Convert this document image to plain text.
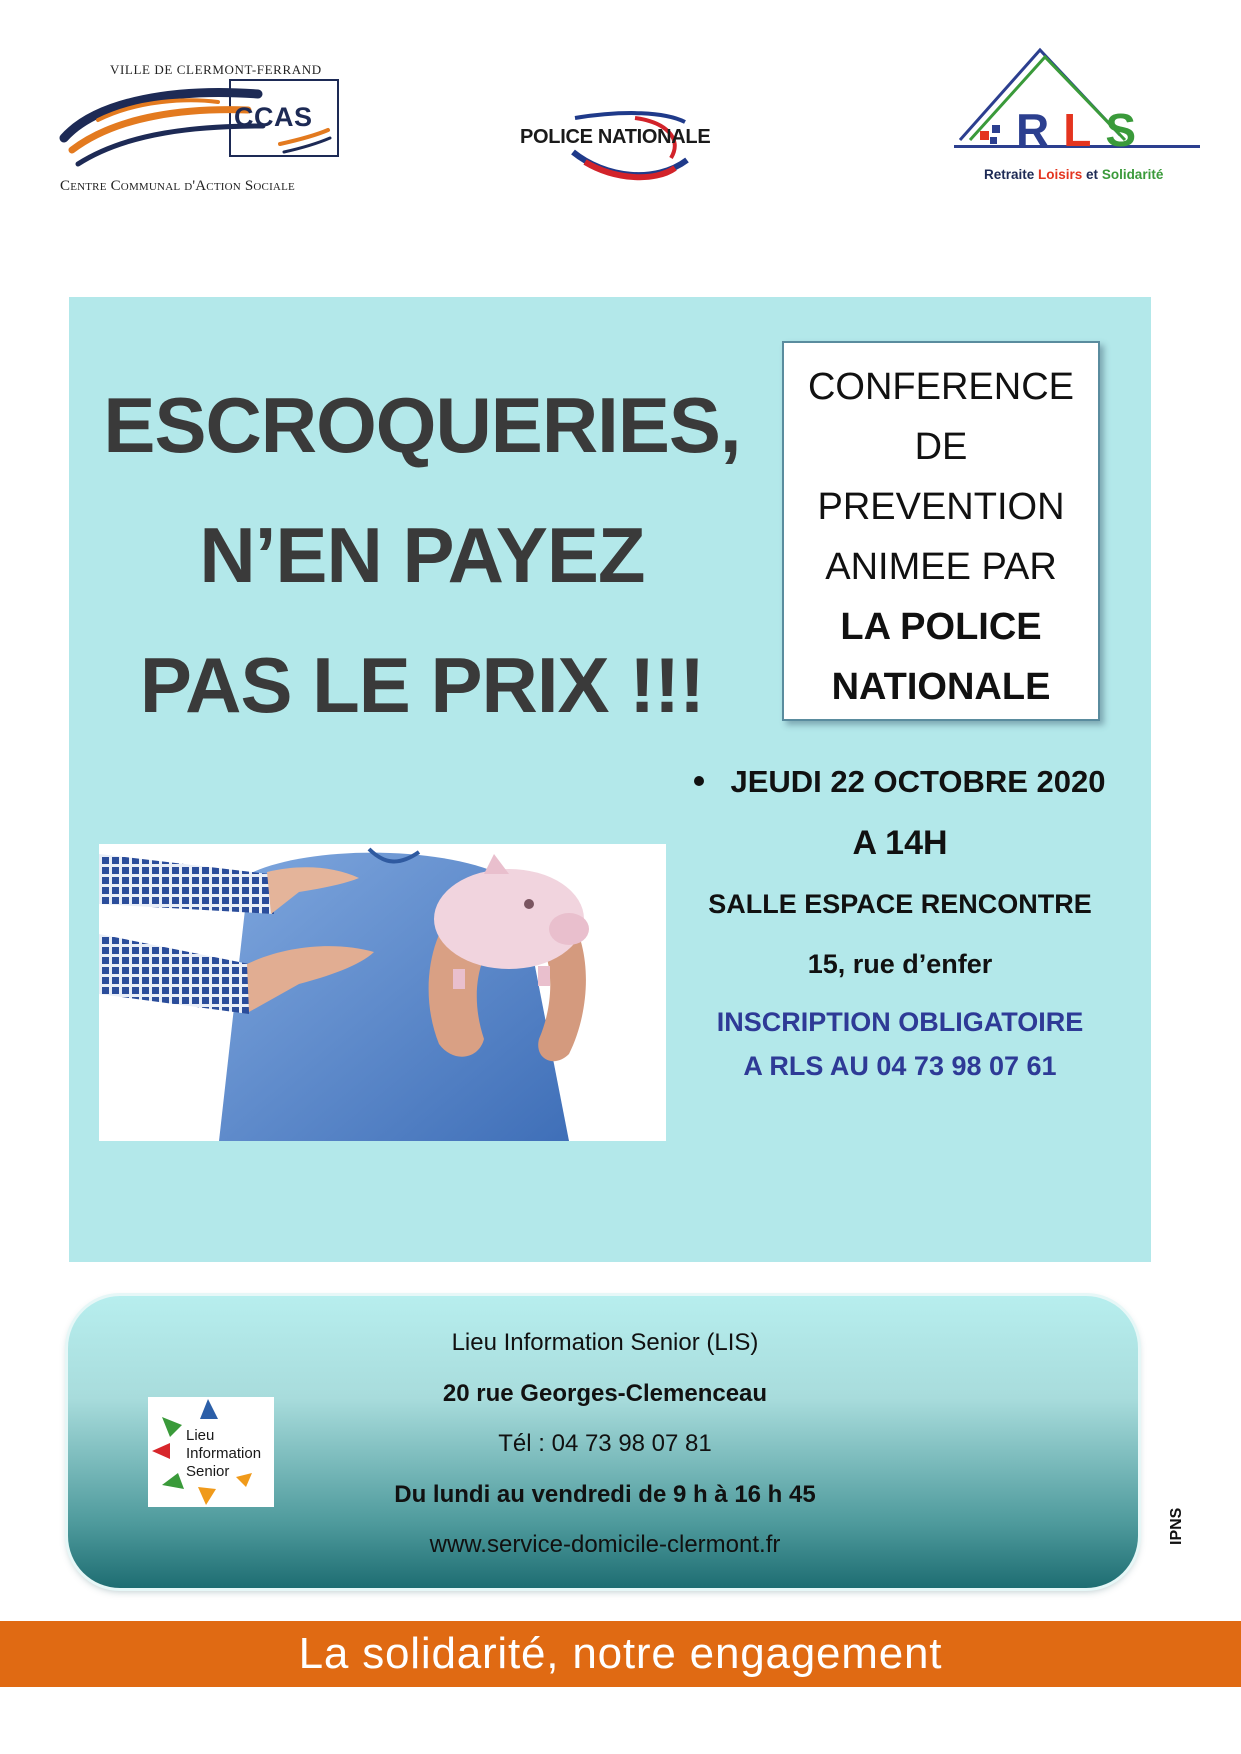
VILLE DE CLERMONT-FERRAND
CCAS
Centre Communal d'Action Sociale
POLICE NATIONALE	RLS
Retraite Loisirs et Solidarité
ESCROQUERIES,
N’EN PAYEZ
PAS LE PRIX !!!
CONFERENCE
DE
PREVENTION
ANIMEE PAR
LA POLICE
NATIONALE
JEUDI 22 OCTOBRE 2020
A 14H
SALLE ESPACE RENCONTRE
15, rue d’enfer
INSCRIPTION OBLIGATOIRE
A RLS AU 04 73 98 07 61
Lieu
Information
Senior
Lieu Information Senior (LIS)
20 rue Georges-Clemenceau
Tél : 04 73 98 07 81
Du lundi au vendredi de 9 h à 16 h 45
www.service-domicile-clermont.fr	IPNS
La solidarité, notre engagement
